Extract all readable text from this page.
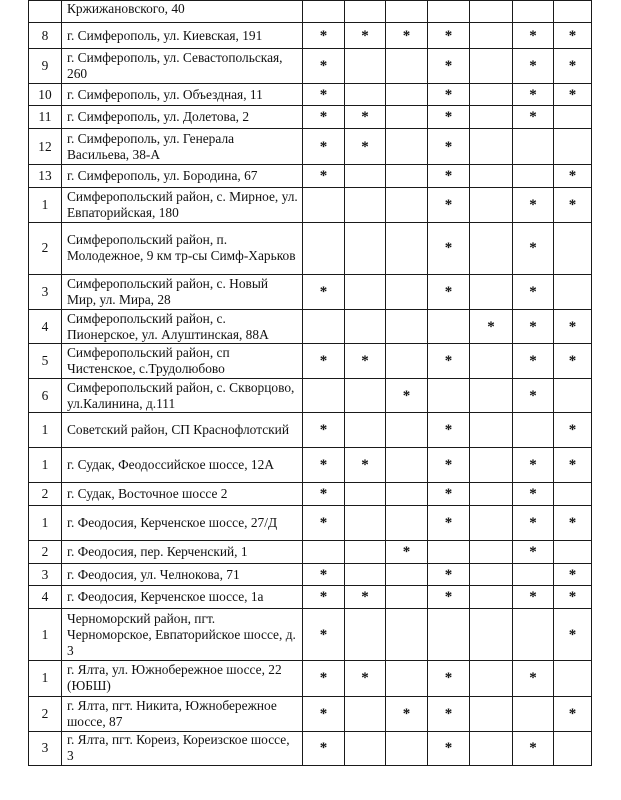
	Кржижановского, 40							
8	г. Симферополь, ул. Киевская, 191	*	*	*	*		*	*
9	г. Симферополь, ул. Севастопольская, 260	*			*		*	*
10	г. Симферополь, ул. Объездная, 11	*			*		*	*
11	г. Симферополь, ул. Долетова, 2	*	*		*		*	
12	г. Симферополь, ул. Генерала Васильева, 38-А	*	*		*			
13	г. Симферополь, ул. Бородина, 67	*			*			*
1	Симферопольский район, с. Мирное, ул. Евпаторийская, 180				*		*	*
2	Симферопольский район, п. Молодежное, 9 км тр-сы Симф-Харьков				*		*	
3	Симферопольский район, с. Новый Мир, ул. Мира, 28	*			*		*	
4	Симферопольский район, с. Пионерское, ул. Алуштинская, 88А					*	*	*
5	Симферопольский район, сп Чистенское, с.Трудолюбово	*	*		*		*	*
6	Симферопольский район, с. Скворцово, ул.Калинина, д.111			*			*	
1	Советский район, СП Краснофлотский	*			*			*
1	г. Судак, Феодоссийское шоссе, 12А	*	*		*		*	*
2	г. Судак, Восточное шоссе 2	*			*		*	
1	г. Феодосия, Керченское шоссе, 27/Д	*			*		*	*
2	г. Феодосия, пер. Керченский, 1			*			*	
3	г. Феодосия, ул. Челнокова, 71	*			*			*
4	г. Феодосия, Керченское шоссе, 1а	*	*		*		*	*
1	Черноморский район, пгт. Черноморское, Евпаторийское шоссе, д. 3	*						*
1	г. Ялта, ул. Южнобережное шоссе, 22 (ЮБШ)	*	*		*		*	
2	г. Ялта, пгт. Никита, Южнобережное шоссе, 87	*		*	*			*
3	г. Ялта, пгт. Кореиз, Кореизское шоссе, 3	*			*		*	
